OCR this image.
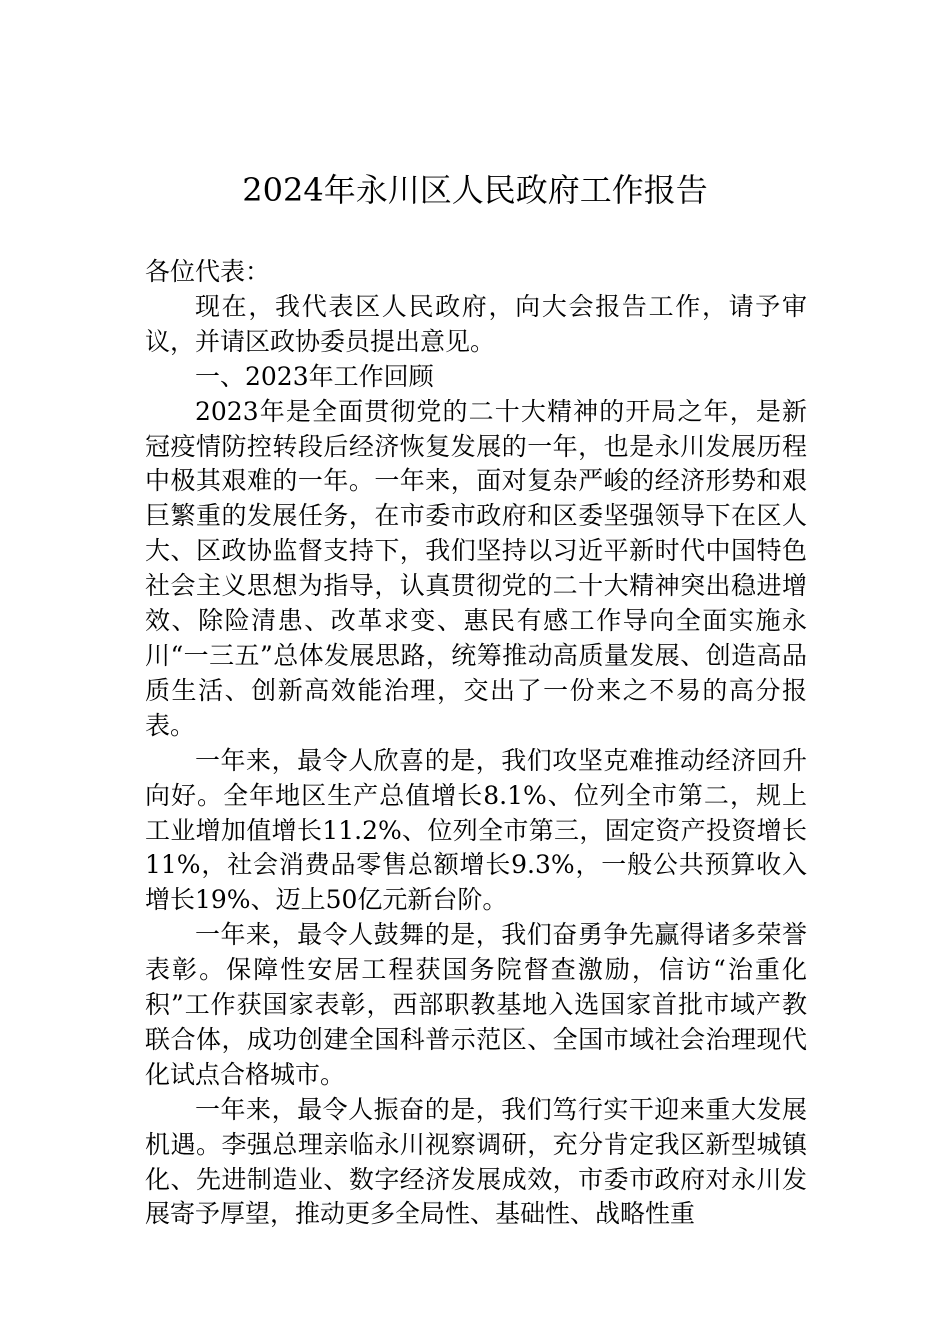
2024年永川区人民政府工作报告

各位代表：

现在，我代表区人民政府，向大会报告工作，请予审议，并请区政协委员提出意见。

一、2023年工作回顾

2023年是全面贯彻党的二十大精神的开局之年，是新冠疫情防控转段后经济恢复发展的一年，也是永川发展历程中极其艰难的一年。一年来，面对复杂严峻的经济形势和艰巨繁重的发展任务，在市委市政府和区委坚强领导下在区人大、区政协监督支持下，我们坚持以习近平新时代中国特色社会主义思想为指导，认真贯彻党的二十大精神突出稳进增效、除险清患、改革求变、惠民有感工作导向全面实施永川“一三五”总体发展思路，统筹推动高质量发展、创造高品质生活、创新高效能治理，交出了一份来之不易的高分报表。

一年来，最令人欣喜的是，我们攻坚克难推动经济回升向好。全年地区生产总值增长8.1%、位列全市第二，规上工业增加值增长11.2%、位列全市第三，固定资产投资增长11%，社会消费品零售总额增长9.3%，一般公共预算收入增长19%、迈上50亿元新台阶。

一年来，最令人鼓舞的是，我们奋勇争先赢得诸多荣誉表彰。保障性安居工程获国务院督查激励，信访“治重化积”工作获国家表彰，西部职教基地入选国家首批市域产教联合体，成功创建全国科普示范区、全国市域社会治理现代化试点合格城市。

一年来，最令人振奋的是，我们笃行实干迎来重大发展机遇。李强总理亲临永川视察调研，充分肯定我区新型城镇化、先进制造业、数字经济发展成效，市委市政府对永川发展寄予厚望，推动更多全局性、基础性、战略性重
